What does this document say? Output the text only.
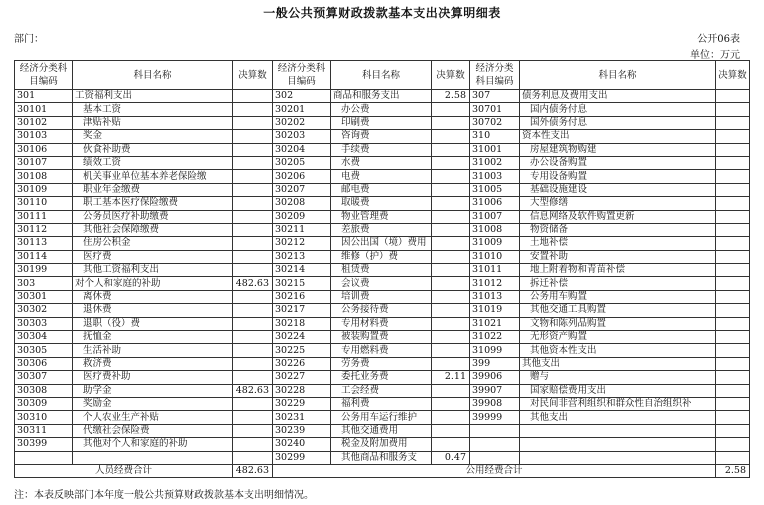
一般公共预算财政拨款基本支出决算明细表
部门：	公开06表
单位：万元
经济分类科目编码	科目名称	决算数	经济分类科目编码	科目名称	决算数	经济分类科目编码	科目名称	决算数
301	工资福利支出		302	商品和服务支出	2.58	307	债务利息及费用支出	
30101	基本工资		30201	办公费		30701	国内债务付息	
30102	津贴补贴		30202	印刷费		30702	国外债务付息	
30103	奖金		30203	咨询费		310	资本性支出	
30106	伙食补助费		30204	手续费		31001	房屋建筑物购建	
30107	绩效工资		30205	水费		31002	办公设备购置	
30108	机关事业单位基本养老保险缴		30206	电费		31003	专用设备购置	
30109	职业年金缴费		30207	邮电费		31005	基础设施建设	
30110	职工基本医疗保险缴费		30208	取暖费		31006	大型修缮	
30111	公务员医疗补助缴费		30209	物业管理费		31007	信息网络及软件购置更新	
30112	其他社会保障缴费		30211	差旅费		31008	物资储备	
30113	住房公积金		30212	因公出国（境）费用		31009	土地补偿	
30114	医疗费		30213	维修（护）费		31010	安置补助	
30199	其他工资福利支出		30214	租赁费		31011	地上附着物和青苗补偿	
303	对个人和家庭的补助	482.63	30215	会议费		31012	拆迁补偿	
30301	离休费		30216	培训费		31013	公务用车购置	
30302	退休费		30217	公务接待费		31019	其他交通工具购置	
30303	退职（役）费		30218	专用材料费		31021	文物和陈列品购置	
30304	抚恤金		30224	被装购置费		31022	无形资产购置	
30305	生活补助		30225	专用燃料费		31099	其他资本性支出	
30306	救济费		30226	劳务费		399	其他支出	
30307	医疗费补助		30227	委托业务费	2.11	39906	赠与	
30308	助学金	482.63	30228	工会经费		39907	国家赔偿费用支出	
30309	奖励金		30229	福利费		39908	对民间非营利组织和群众性自治组织补	
30310	个人农业生产补贴		30231	公务用车运行维护		39999	其他支出	
30311	代缴社会保险费		30239	其他交通费用				
30399	其他对个人和家庭的补助		30240	税金及附加费用				
			30299	其他商品和服务支	0.47			
人员经费合计		482.63	公用经费合计					2.58
注：本表反映部门本年度一般公共预算财政拨款基本支出明细情况。
